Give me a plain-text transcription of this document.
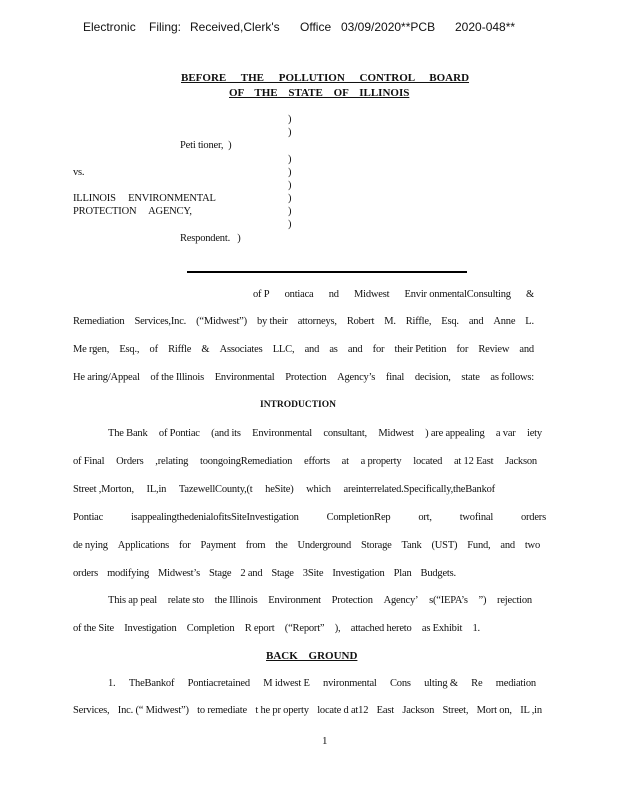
Electronic Filing: Received,Clerk's Office 03/09/2020**PCB 2020-048**
BEFORE THE POLLUTION CONTROL BOARD
OF THE STATE OF ILLINOIS
)
)
)
)
)
)
)
)
Peti tioner, )
vs.
ILLINOIS ENVIRONMENTAL
PROTECTION AGENCY,
Respondent. )
of P ontiaca nd Midwest Envir onmentalConsulting &
Remediation Services,Inc. (“Midwest”) by their attorneys, Robert M. Riffle, Esq. and Anne L.
Me rgen, Esq., of Riffle & Associates LLC, and as and for their Petition for Review and
He aring/Appeal of the Illinois Environmental Protection Agency’s final decision, state as follows:
INTRODUCTION
The Bank of Pontiac (and its Environmental consultant, Midwest ) are appealing a var iety
of Final Orders ,relating toongoingRemediation efforts at a property located at 12 East Jackson
Street ,Morton, IL,in TazewellCounty,(t heSite) which areinterrelated.Specifically,theBankof
Pontiac	isappealingthedenialofitsSiteInvestigation	CompletionRep	ort,	twofinal	orders
de nying Applications for Payment from the Underground Storage Tank (UST) Fund, and two
orders modifying Midwest’s Stage 2 and Stage 3Site Investigation Plan Budgets.
This ap peal relate sto the Illinois Environment Protection Agency’ s(“IEPA’s ”) rejection
of the Site Investigation Completion R eport (“Report” ), attached hereto as Exhibit 1.
BACK GROUND
1. TheBankof Pontiacretained M idwest E nvironmental Cons ulting & Re mediation
Services, Inc. (“ Midwest”) to remediate t he pr operty locate d at12 East Jackson Street, Mort on, IL ,in
1
